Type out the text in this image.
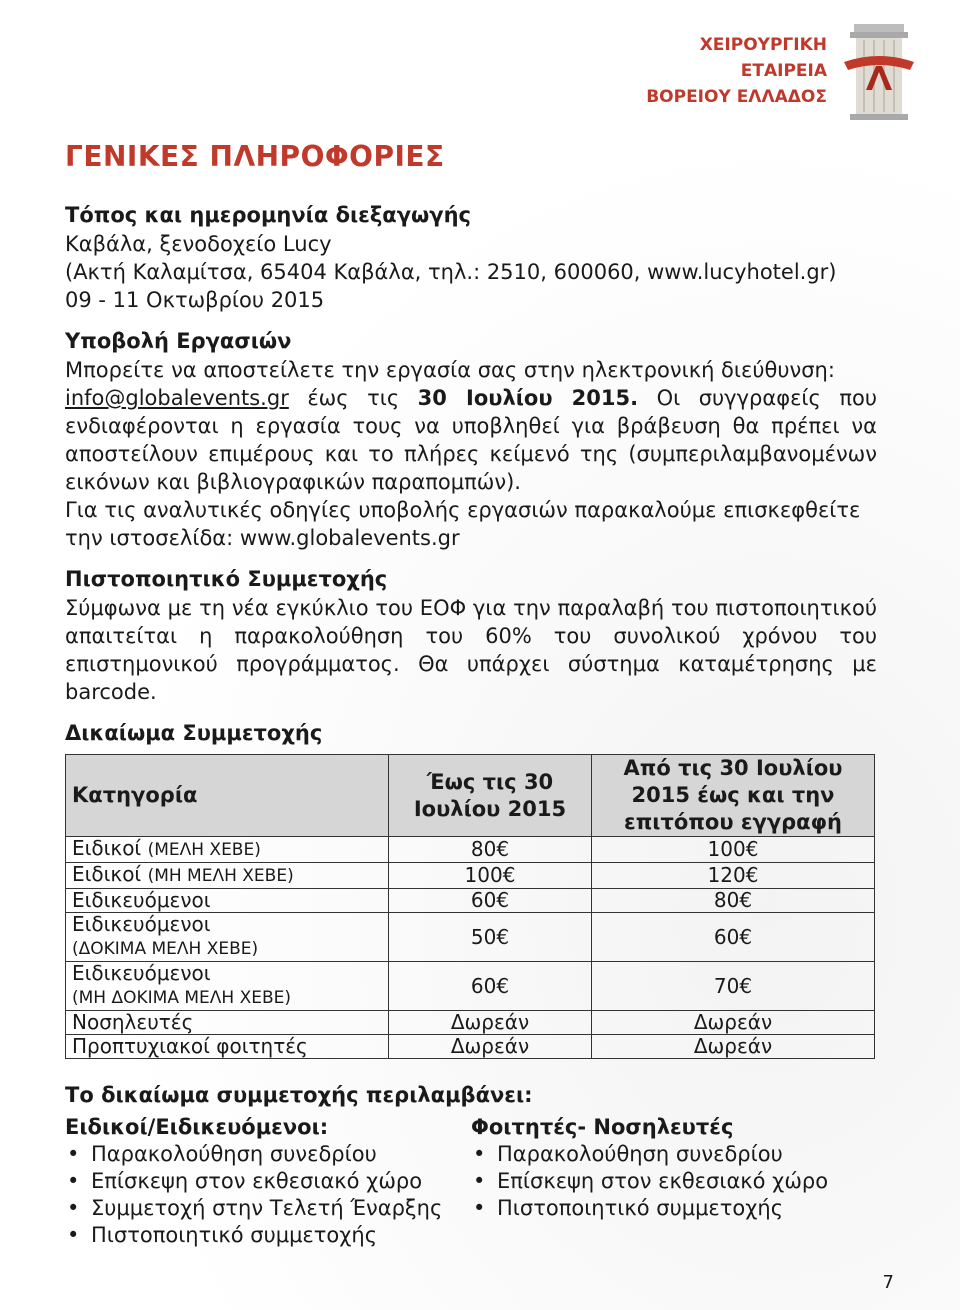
ΧΕΙΡΟΥΡΓΙΚΗ
ΕΤΑΙΡΕΙΑ
ΒΟΡΕΙΟΥ ΕΛΛΑΔΟΣ
ΓΕΝΙΚΕΣ ΠΛΗΡΟΦΟΡΙΕΣ

Τόπος και ημερομηνία διεξαγωγής

Καβάλα, ξενοδοχείο Lucy

(Ακτή Καλαμίτσα, 65404 Καβάλα, τηλ.: 2510, 600060, www.lucyhotel.gr)

09 - 11 Οκτωβρίου 2015

Υποβολή Εργασιών

Μπορείτε να αποστείλετε την εργασία σας στην ηλεκτρονική διεύθυνση:

info@globalevents.gr έως τις 30 Ιουλίου 2015. Οι συγγραφείς που ενδιαφέρονται η εργασία τους να υποβληθεί για βράβευση θα πρέπει να αποστείλουν επιμέρους και το πλήρες κείμενό της (συμπεριλαμβανομένων εικόνων και βιβλιογραφικών παραπομπών).

Για τις αναλυτικές οδηγίες υποβολής εργασιών παρακαλούμε επισκεφθείτε την ιστοσελίδα: www.globalevents.gr

Πιστοποιητικό Συμμετοχής

Σύμφωνα με τη νέα εγκύκλιο του ΕΟΦ για την παραλαβή του πιστοποιητικού απαιτείται η παρακολούθηση του 60% του συνολικού χρόνου του επιστημονικού προγράμματος. Θα υπάρχει σύστημα καταμέτρησης με barcode.

Δικαίωμα Συμμετοχής

Κατηγορία	Έως τις 30 Ιουλίου 2015	Από τις 30 Ιουλίου 2015 έως και την επιτόπου εγγραφή
Ειδικοί (ΜΕΛΗ ΧΕΒΕ)	80€	100€
Ειδικοί (ΜΗ ΜΕΛΗ ΧΕΒΕ)	100€	120€
Ειδικευόμενοι	60€	80€
Ειδικευόμενοι
(ΔΟΚΙΜΑ ΜΕΛΗ ΧΕΒΕ)	50€	60€
Ειδικευόμενοι
(ΜΗ ΔΟΚΙΜΑ ΜΕΛΗ ΧΕΒΕ)	60€	70€
Νοσηλευτές	Δωρεάν	Δωρεάν
Προπτυχιακοί φοιτητές	Δωρεάν	Δωρεάν

Το δικαίωμα συμμετοχής περιλαμβάνει:

Ειδικοί/Ειδικευόμενοι:
• Παρακολούθηση συνεδρίου
• Επίσκεψη στον εκθεσιακό χώρο
• Συμμετοχή στην Τελετή Έναρξης
• Πιστοποιητικό συμμετοχής
Φοιτητές- Νοσηλευτές
• Παρακολούθηση συνεδρίου
• Επίσκεψη στον εκθεσιακό χώρο
• Πιστοποιητικό συμμετοχής
7
